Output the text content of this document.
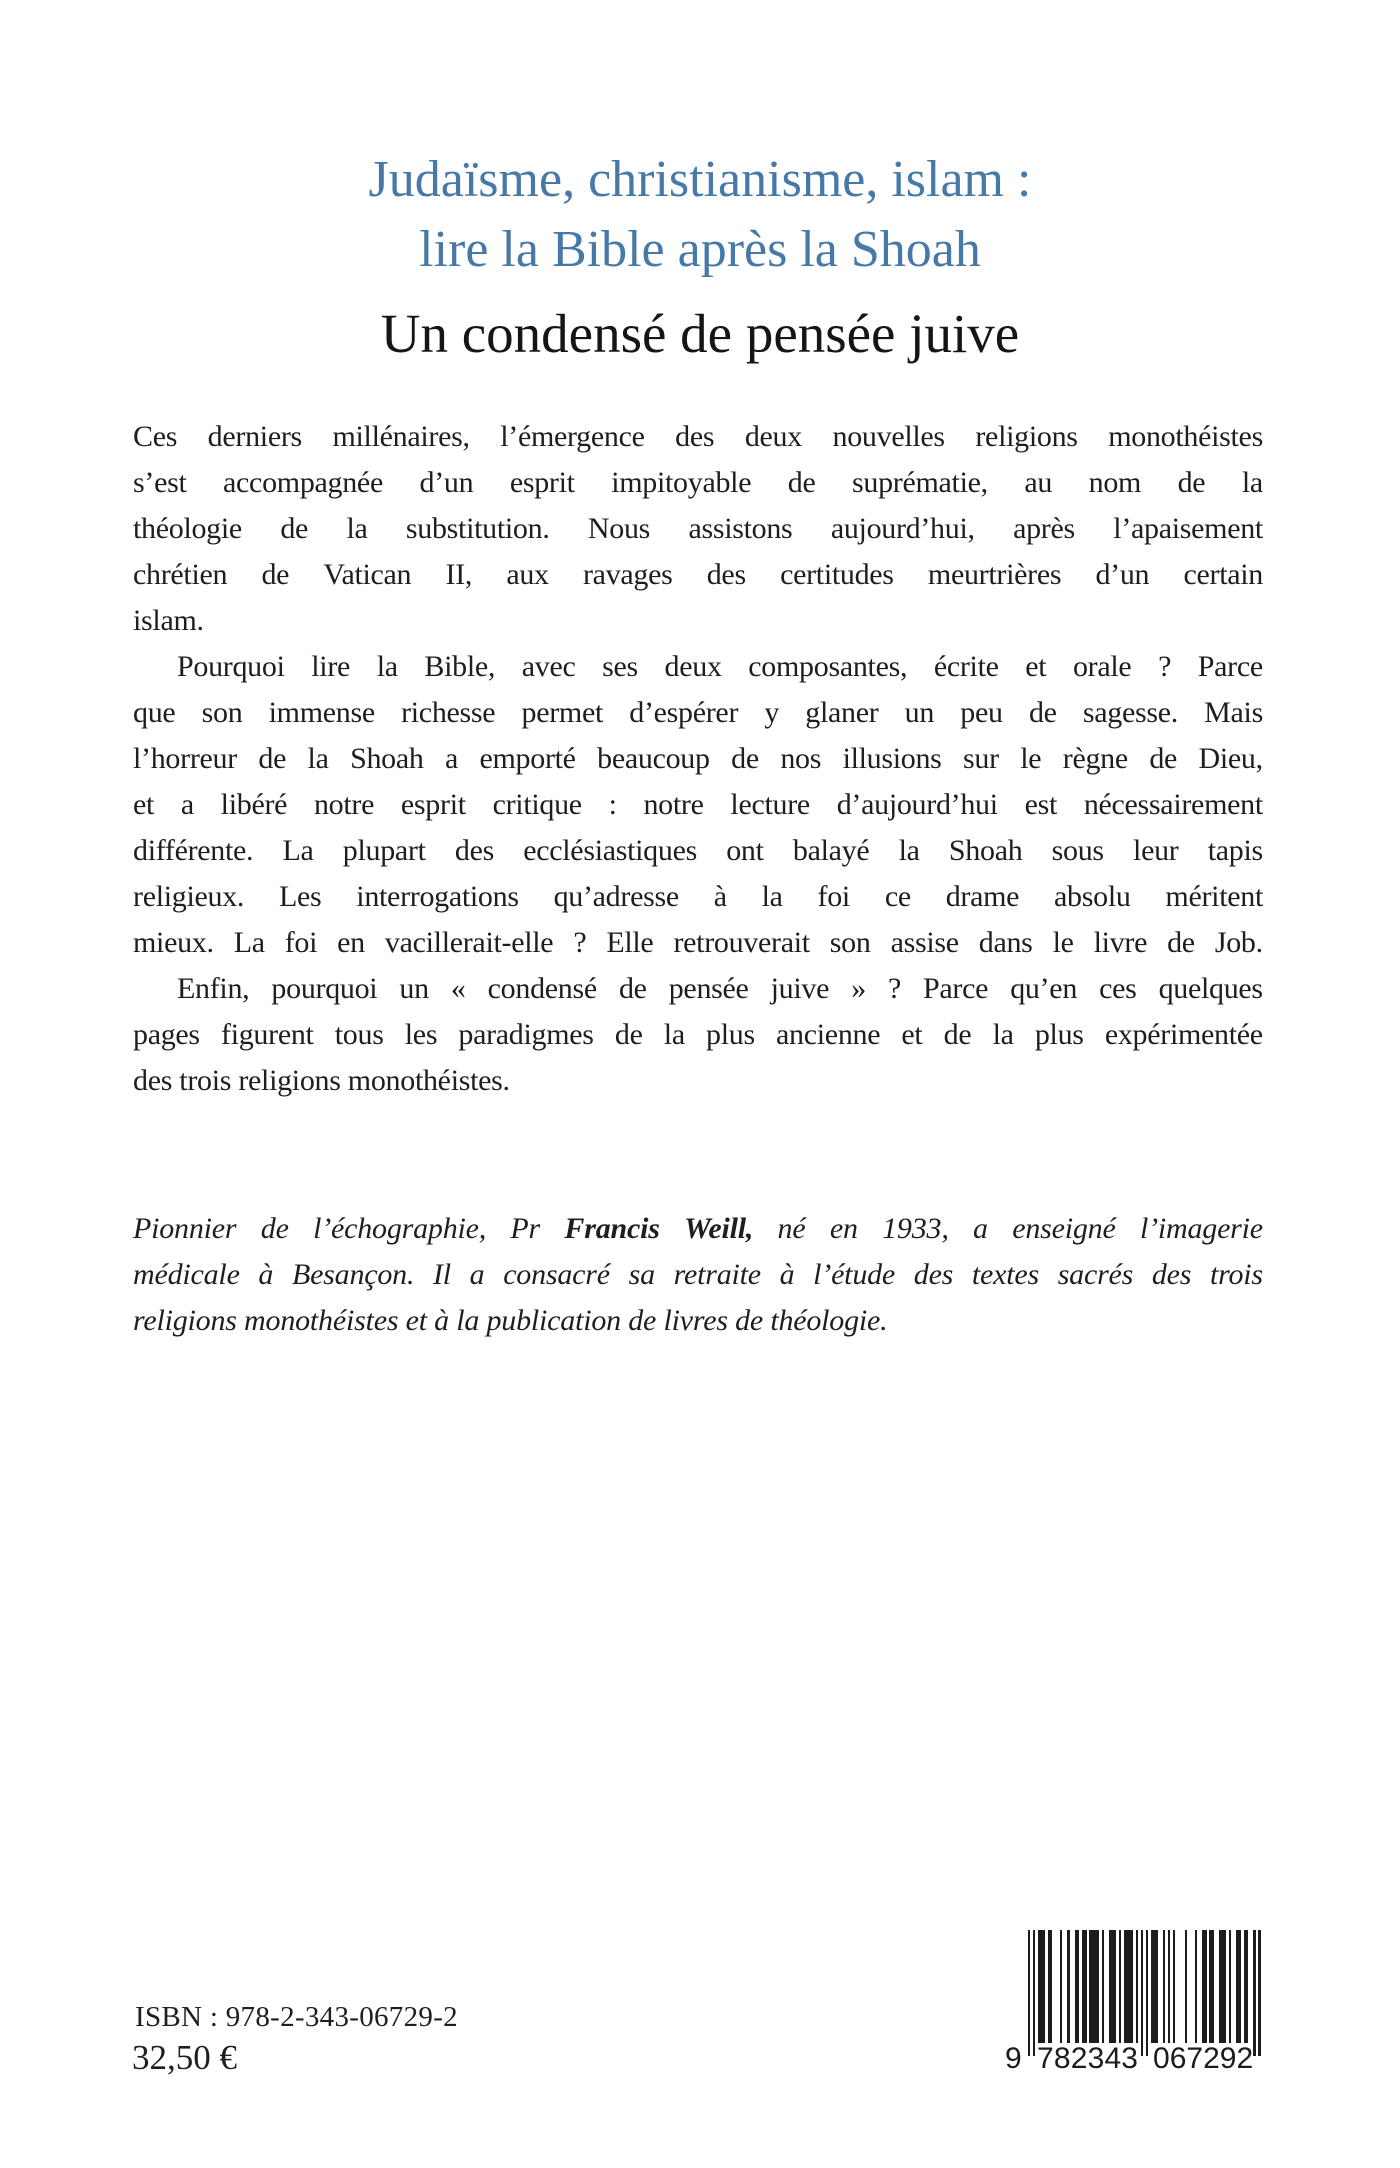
Judaïsme, christianisme, islam :
lire la Bible après la Shoah
Un condensé de pensée juive
Ces derniers millénaires, l’émergence des deux nouvelles religions monothéistes
s’est accompagnée d’un esprit impitoyable de suprématie, au nom de la
théologie de la substitution. Nous assistons aujourd’hui, après l’apaisement
chrétien de Vatican II, aux ravages des certitudes meurtrières d’un certain
islam.
Pourquoi lire la Bible, avec ses deux composantes, écrite et orale ? Parce
que son immense richesse permet d’espérer y glaner un peu de sagesse. Mais
l’horreur de la Shoah a emporté beaucoup de nos illusions sur le règne de Dieu,
et a libéré notre esprit critique : notre lecture d’aujourd’hui est nécessairement
différente. La plupart des ecclésiastiques ont balayé la Shoah sous leur tapis
religieux. Les interrogations qu’adresse à la foi ce drame absolu méritent
mieux. La foi en vacillerait-elle ? Elle retrouverait son assise dans le livre de Job.
Enfin, pourquoi un « condensé de pensée juive » ? Parce qu’en ces quelques
pages figurent tous les paradigmes de la plus ancienne et de la plus expérimentée
des trois religions monothéistes.
Pionnier de l’échographie, Pr Francis Weill, né en 1933, a enseigné l’imagerie
médicale à Besançon. Il a consacré sa retraite à l’étude des textes sacrés des trois
religions monothéistes et à la publication de livres de théologie.
ISBN : 978-2-343-06729-2
32,50 €	9 7 8 2 3 4 3 0 6 7 2 9 2
